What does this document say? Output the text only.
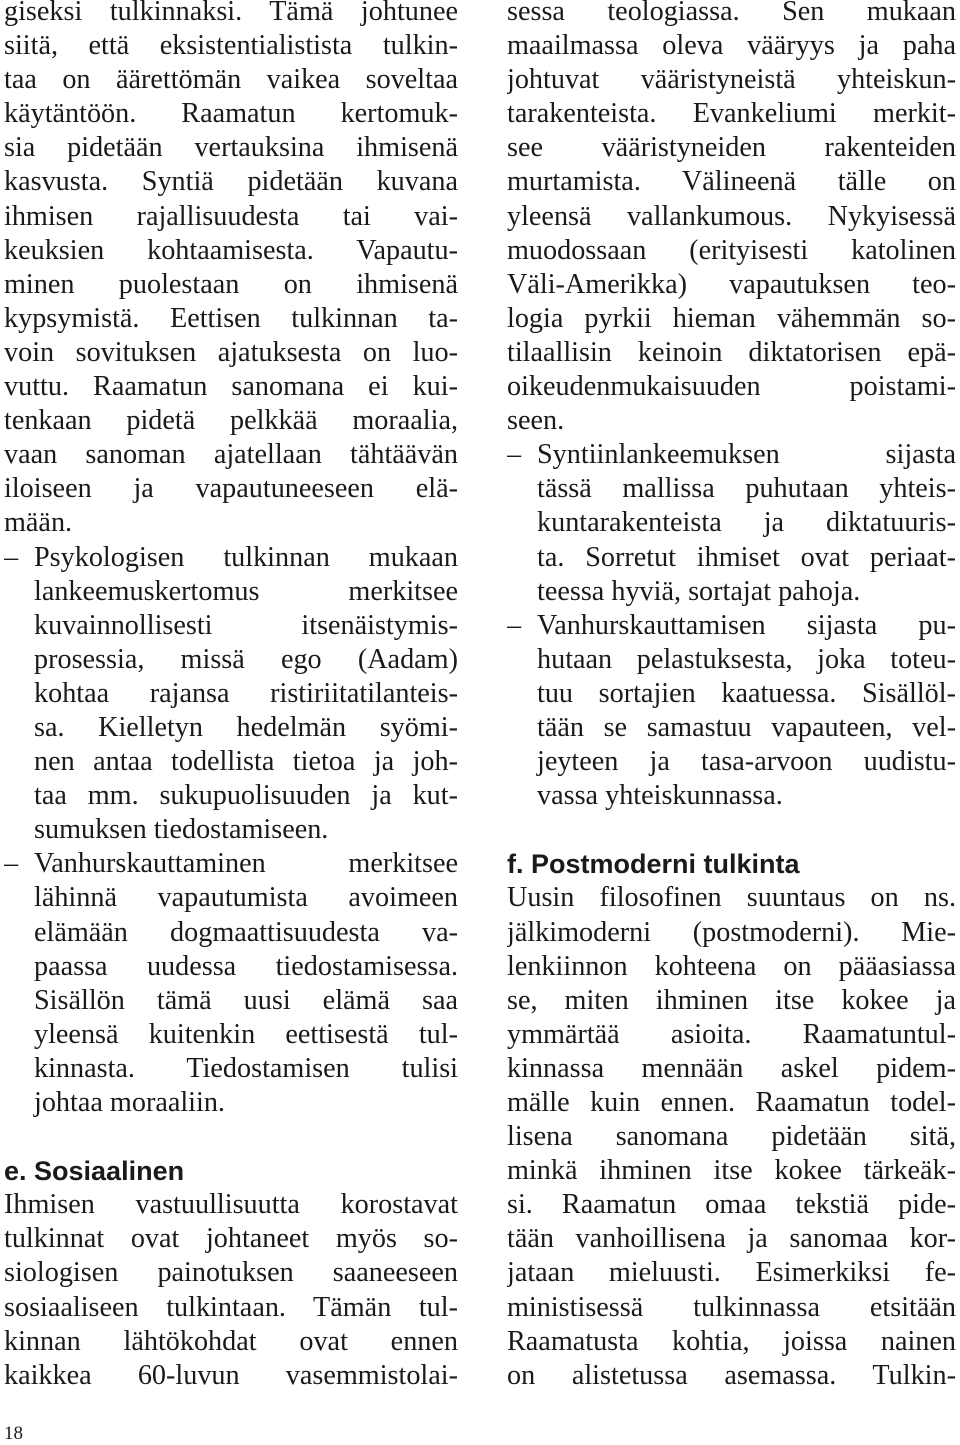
giseksi tulkinnaksi. Tämä johtunee
siitä, että eksistentialistista tulkin-
taa on äärettömän vaikea soveltaa
käytäntöön. Raamatun kertomuk-
sia pidetään vertauksina ihmisenä
kasvusta. Syntiä pidetään kuvana
ihmisen rajallisuudesta tai vai-
keuksien kohtaamisesta. Vapautu-
minen puolestaan on ihmisenä
kypsymistä. Eettisen tulkinnan ta-
voin sovituksen ajatuksesta on luo-
vuttu. Raamatun sanomana ei kui-
tenkaan pidetä pelkkää moraalia,
vaan sanoman ajatellaan tähtäävän
iloiseen ja vapautuneeseen elä-
mään.
– Psykologisen tulkinnan mukaan
lankeemuskertomus merkitsee
kuvainnollisesti itsenäistymis-
prosessia, missä ego (Aadam)
kohtaa rajansa ristiriitatilanteis-
sa. Kielletyn hedelmän syömi-
nen antaa todellista tietoa ja joh-
taa mm. sukupuolisuuden ja kut-
sumuksen tiedostamiseen.
– Vanhurskauttaminen merkitsee
lähinnä vapautumista avoimeen
elämään dogmaattisuudesta va-
paassa uudessa tiedostamisessa.
Sisällön tämä uusi elämä saa
yleensä kuitenkin eettisestä tul-
kinnasta. Tiedostamisen tulisi
johtaa moraaliin.
e. Sosiaalinen
Ihmisen vastuullisuutta korostavat
tulkinnat ovat johtaneet myös so-
siologisen painotuksen saaneeseen
sosiaaliseen tulkintaan. Tämän tul-
kinnan lähtökohdat ovat ennen
kaikkea 60-luvun vasemmistolai-
sessa teologiassa. Sen mukaan
maailmassa oleva vääryys ja paha
johtuvat vääristyneistä yhteiskun-
tarakenteista. Evankeliumi merkit-
see vääristyneiden rakenteiden
murtamista. Välineenä tälle on
yleensä vallankumous. Nykyisessä
muodossaan (erityisesti katolinen
Väli-Amerikka) vapautuksen teo-
logia pyrkii hieman vähemmän so-
tilaallisin keinoin diktatorisen epä-
oikeudenmukaisuuden poistami-
seen.
– Syntiinlankeemuksen sijasta
tässä mallissa puhutaan yhteis-
kuntarakenteista ja diktatuuris-
ta. Sorretut ihmiset ovat periaat-
teessa hyviä, sortajat pahoja.
– Vanhurskauttamisen sijasta pu-
hutaan pelastuksesta, joka toteu-
tuu sortajien kaatuessa. Sisällöl-
tään se samastuu vapauteen, vel-
jeyteen ja tasa-arvoon uudistu-
vassa yhteiskunnassa.
f. Postmoderni tulkinta
Uusin filosofinen suuntaus on ns.
jälkimoderni (postmoderni). Mie-
lenkiinnon kohteena on pääasiassa
se, miten ihminen itse kokee ja
ymmärtää asioita. Raamatuntul-
kinnassa mennään askel pidem-
mälle kuin ennen. Raamatun todel-
lisena sanomana pidetään sitä,
minkä ihminen itse kokee tärkeäk-
si. Raamatun omaa tekstiä pide-
tään vanhoillisena ja sanomaa kor-
jataan mieluusti. Esimerkiksi fe-
ministisessä tulkinnassa etsitään
Raamatusta kohtia, joissa nainen
on alistetussa asemassa. Tulkin-
18
